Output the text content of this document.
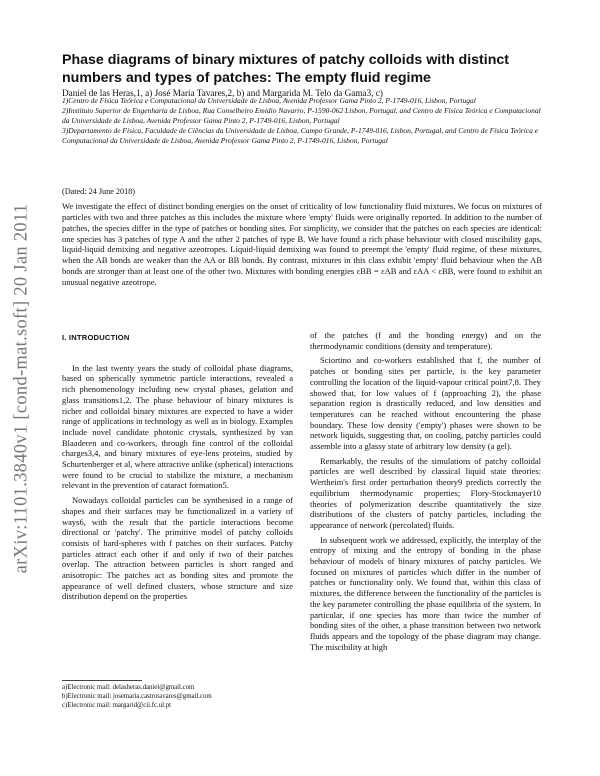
arXiv:1101.3840v1 [cond-mat.soft] 20 Jan 2011
Phase diagrams of binary mixtures of patchy colloids with distinct numbers and types of patches: The empty fluid regime

Daniel de las Heras,1, a) José Maria Tavares,2, b) and Margarida M. Telo da Gama3, c)

1)Centro de Física Teórica e Computacional da Universidade de Lisboa, Avenida Professor Gama Pinto 2, P-1749-016, Lisbon, Portugal

2)Instituto Superior de Engenharia de Lisboa, Rua Conselheiro Emídio Navarro, P-1590-062 Lisbon, Portugal, and Centro de Física Teórica e Computacional da Universidade de Lisboa, Avenida Professor Gama Pinto 2, P-1749-016, Lisbon, Portugal

3)Departamento de Física, Faculdade de Ciências da Universidade de Lisboa, Campo Grande, P-1749-016, Lisbon, Portugal, and Centro de Física Teórica e Computacional da Universidade de Lisboa, Avenida Professor Gama Pinto 2, P-1749-016, Lisbon, Portugal

(Dated: 24 June 2018)

We investigate the effect of distinct bonding energies on the onset of criticality of low functionality fluid mixtures. We focus on mixtures of particles with two and three patches as this includes the mixture where 'empty' fluids were originally reported. In addition to the number of patches, the species differ in the type of patches or bonding sites. For simplicity, we consider that the patches on each species are identical: one species has 3 patches of type A and the other 2 patches of type B. We have found a rich phase behaviour with closed miscibility gaps, liquid-liquid demixing and negative azeotropes. Liquid-liquid demixing was found to preempt the 'empty' fluid regime, of these mixtures, when the AB bonds are weaker than the AA or BB bonds. By contrast, mixtures in this class exhibit 'empty' fluid behaviour when the AB bonds are stronger than at least one of the other two. Mixtures with bonding energies εBB = εAB and εAA < εBB, were found to exhibit an unusual negative azeotrope.

I. INTRODUCTION

In the last twenty years the study of colloidal phase diagrams, based on spherically symmetric particle interactions, revealed a rich phenomenology including new crystal phases, gelation and glass transitions1,2. The phase behaviour of binary mixtures is richer and colloidal binary mixtures are expected to have a wider range of applications in technology as well as in biology. Examples include novel candidate photonic crystals, synthesized by van Blaaderen and co-workers, through fine control of the colloidal charges3,4, and binary mixtures of eye-lens proteins, studied by Schurtenberger et al, where attractive unlike (spherical) interactions were found to be crucial to stabilize the mixture, a mechanism relevant in the prevention of cataract formation5.

Nowadays colloidal particles can be synthesised in a range of shapes and their surfaces may be functionalized in a variety of ways6, with the result that the particle interactions become directional or 'patchy'. The primitive model of patchy colloids consists of hard-spheres with f patches on their surfaces. Patchy particles attract each other if and only if two of their patches overlap. The attraction between particles is short ranged and anisotropic: The patches act as bonding sites and promote the appearance of well defined clusters, whose structure and size distribution depend on the properties

of the patches (f and the bonding energy) and on the thermodynamic conditions (density and temperature).

Sciortino and co-workers established that f, the number of patches or bonding sites per particle, is the key parameter controlling the location of the liquid-vapour critical point7,8. They showed that, for low values of f (approaching 2), the phase separation region is drastically reduced, and low densities and temperatures can be reached without encountering the phase boundary. These low density ('empty') phases were shown to be network liquids, suggesting that, on cooling, patchy particles could assemble into a glassy state of arbitrary low density (a gel).

Remarkably, the results of the simulations of patchy colloidal particles are well described by classical liquid state theories: Wertheim's first order perturbation theory9 predicts correctly the equilibrium thermodynamic properties; Flory-Stockmayer10 theories of polymerization describe quantitatively the size distributions of the clusters of patchy particles, including the appearance of network (percolated) fluids.

In subsequent work we addressed, explicitly, the interplay of the entropy of mixing and the entropy of bonding in the phase behaviour of models of binary mixtures of patchy particles. We focused on mixtures of particles which differ in the number of patches or functionality only. We found that, within this class of mixtures, the difference between the functionality of the particles is the key parameter controlling the phase equilibria of the system. In particular, if one species has more than twice the number of bonding sites of the other, a phase transition between two network fluids appears and the topology of the phase diagram may change. The miscibility at high

a)Electronic mail: delasheras.daniel@gmail.com
b)Electronic mail: josemaria.castrotavares@gmail.com
c)Electronic mail: margarid@cii.fc.ul.pt
